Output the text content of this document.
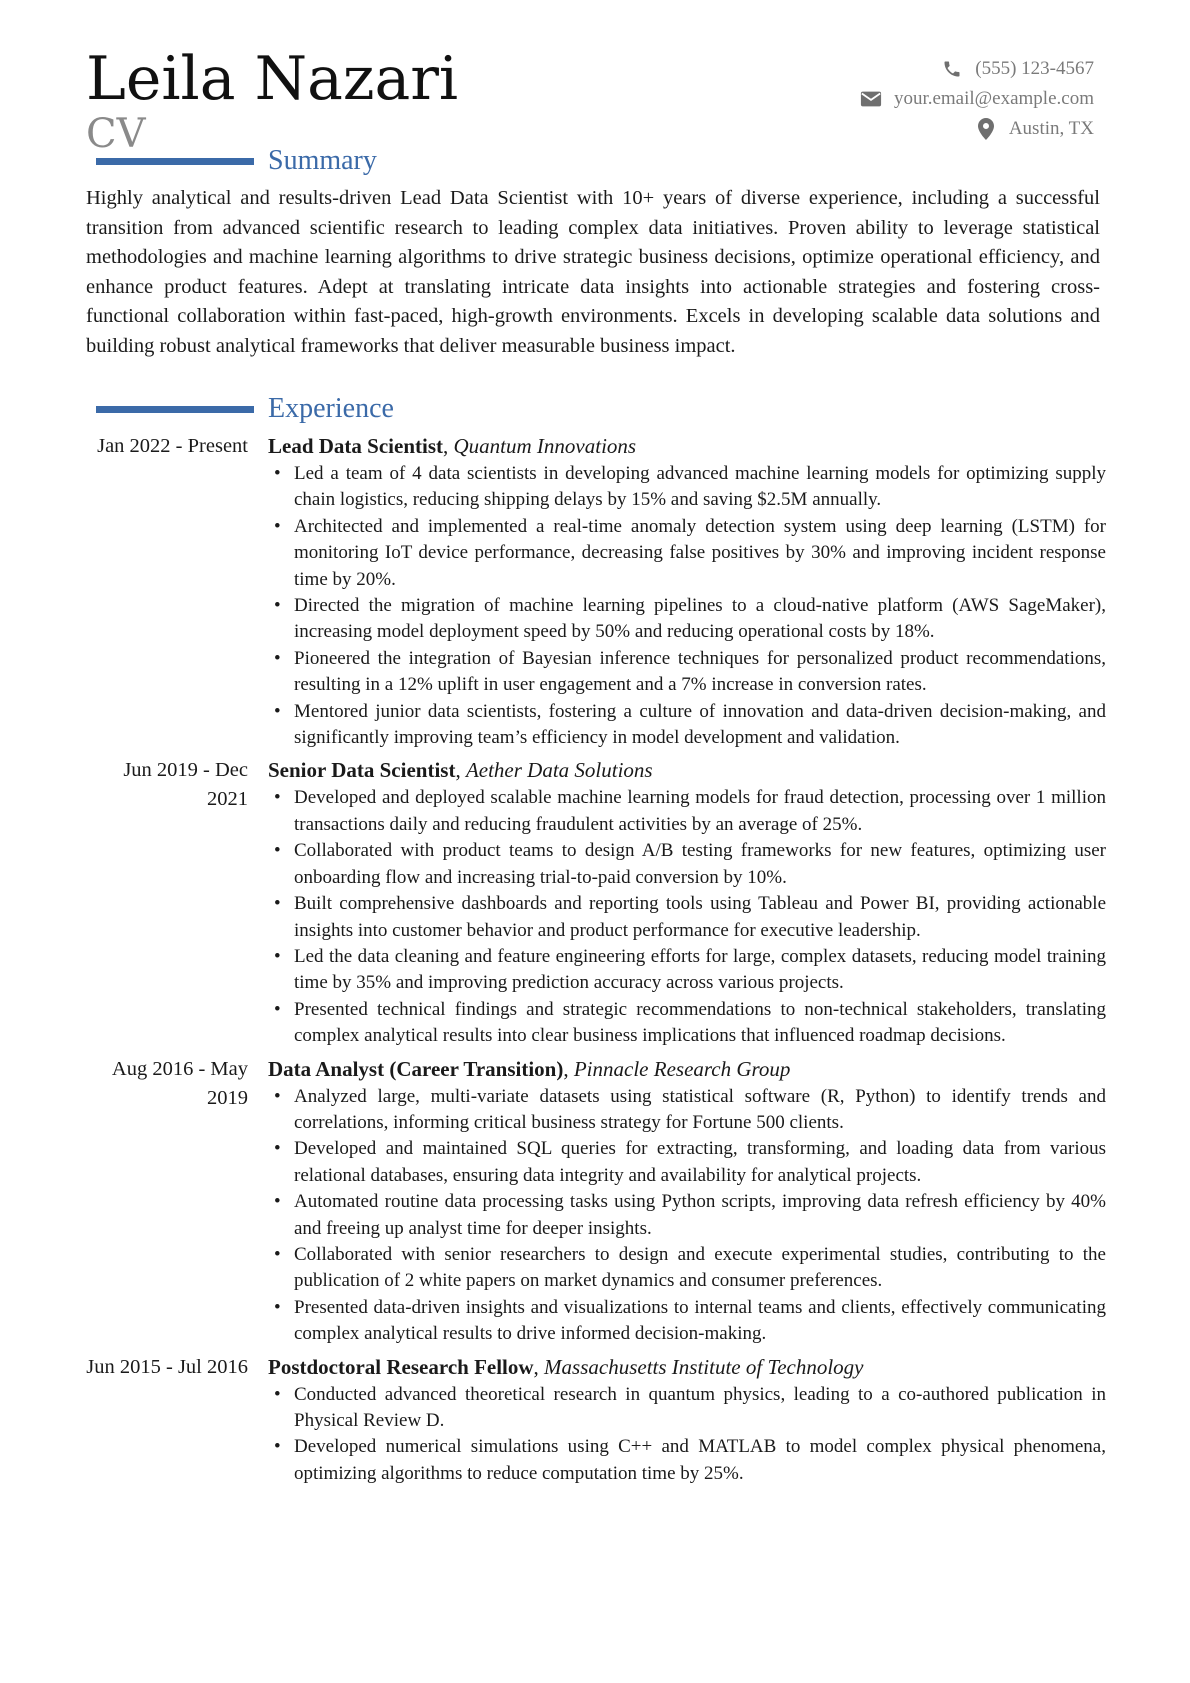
Leila Nazari
CV
(555) 123-4567
your.email@example.com
Austin, TX
Summary

Highly analytical and results-driven Lead Data Scientist with 10+ years of diverse experience, including a successful transition from advanced scientific research to leading complex data initiatives. Proven ability to leverage statistical methodologies and machine learning algorithms to drive strategic business decisions, optimize operational efficiency, and enhance product features. Adept at translating intricate data insights into actionable strategies and fostering cross-functional collaboration within fast-paced, high-growth environments. Excels in developing scalable data solutions and building robust analytical frameworks that deliver measurable business impact.

Experience
Jan 2022 - Present Lead Data Scientist, Quantum Innovations

• Led a team of 4 data scientists in developing advanced machine learning models for optimizing supply chain logistics, reducing shipping delays by 15% and saving $2.5M annually.
• Architected and implemented a real-time anomaly detection system using deep learning (LSTM) for monitoring IoT device performance, decreasing false positives by 30% and improving incident response time by 20%.
• Directed the migration of machine learning pipelines to a cloud-native platform (AWS SageMaker), increasing model deployment speed by 50% and reducing operational costs by 18%.
• Pioneered the integration of Bayesian inference techniques for personalized product recommendations, resulting in a 12% uplift in user engagement and a 7% increase in conversion rates.
• Mentored junior data scientists, fostering a culture of innovation and data-driven decision-making, and significantly improving team’s efficiency in model development and validation.
Jun 2019 - Dec 2021

Senior Data Scientist, Aether Data Solutions

• Developed and deployed scalable machine learning models for fraud detection, processing over 1 million transactions daily and reducing fraudulent activities by an average of 25%.
• Collaborated with product teams to design A/B testing frameworks for new features, optimizing user onboarding flow and increasing trial-to-paid conversion by 10%.
• Built comprehensive dashboards and reporting tools using Tableau and Power BI, providing actionable insights into customer behavior and product performance for executive leadership.
• Led the data cleaning and feature engineering efforts for large, complex datasets, reducing model training time by 35% and improving prediction accuracy across various projects.
• Presented technical findings and strategic recommendations to non-technical stakeholders, translating complex analytical results into clear business implications that influenced roadmap decisions.
Aug 2016 - May 2019

Data Analyst (Career Transition), Pinnacle Research Group

• Analyzed large, multi-variate datasets using statistical software (R, Python) to identify trends and correlations, informing critical business strategy for Fortune 500 clients.
• Developed and maintained SQL queries for extracting, transforming, and loading data from various relational databases, ensuring data integrity and availability for analytical projects.
• Automated routine data processing tasks using Python scripts, improving data refresh efficiency by 40% and freeing up analyst time for deeper insights.
• Collaborated with senior researchers to design and execute experimental studies, contributing to the publication of 2 white papers on market dynamics and consumer preferences.
• Presented data-driven insights and visualizations to internal teams and clients, effectively communicating complex analytical results to drive informed decision-making.
Jun 2015 - Jul 2016 Postdoctoral Research Fellow, Massachusetts Institute of Technology

• Conducted advanced theoretical research in quantum physics, leading to a co-authored publication in Physical Review D.
• Developed numerical simulations using C++ and MATLAB to model complex physical phenomena, optimizing algorithms to reduce computation time by 25%.
